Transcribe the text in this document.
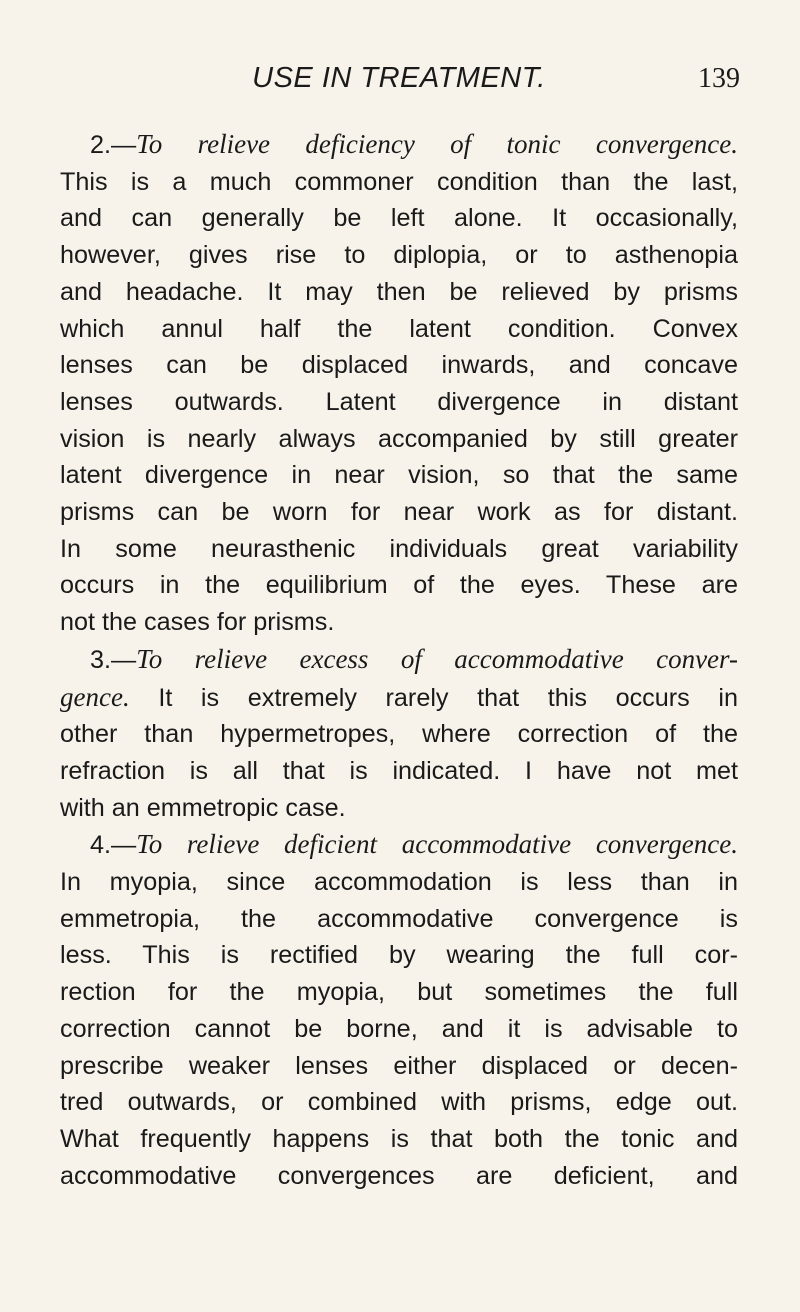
USE IN TREATMENT.	139
2.—To relieve deficiency of tonic convergence.
This is a much commoner condition than the last,
and can generally be left alone. It occasionally,
however, gives rise to diplopia, or to asthenopia
and headache. It may then be relieved by prisms
which annul half the latent condition. Convex
lenses can be displaced inwards, and concave
lenses outwards. Latent divergence in distant
vision is nearly always accompanied by still greater
latent divergence in near vision, so that the same
prisms can be worn for near work as for distant.
In some neurasthenic individuals great variability
occurs in the equilibrium of the eyes. These are
not the cases for prisms.
3.—To relieve excess of accommodative conver-
gence. It is extremely rarely that this occurs in
other than hypermetropes, where correction of the
refraction is all that is indicated. I have not met
with an emmetropic case.
4.—To relieve deficient accommodative convergence.
In myopia, since accommodation is less than in
emmetropia, the accommodative convergence is
less. This is rectified by wearing the full cor-
rection for the myopia, but sometimes the full
correction cannot be borne, and it is advisable to
prescribe weaker lenses either displaced or decen-
tred outwards, or combined with prisms, edge out.
What frequently happens is that both the tonic and
accommodative convergences are deficient, and
